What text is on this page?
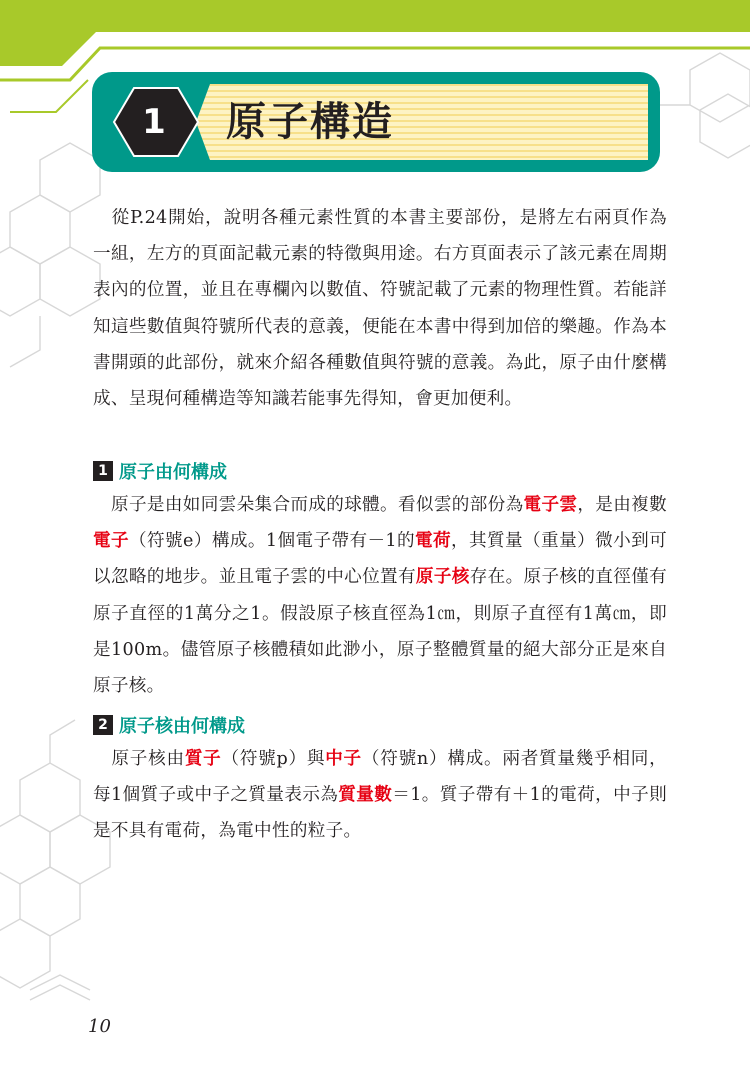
1	原子構造

從P.24開始，說明各種元素性質的本書主要部份，是將左右兩頁作為一組，左方的頁面記載元素的特徵與用途。右方頁面表示了該元素在周期表內的位置，並且在專欄內以數值、符號記載了元素的物理性質。若能詳知這些數值與符號所代表的意義，便能在本書中得到加倍的樂趣。作為本書開頭的此部份，就來介紹各種數值與符號的意義。為此，原子由什麼構成、呈現何種構造等知識若能事先得知，會更加便利。

1 原子由何構成

原子是由如同雲朵集合而成的球體。看似雲的部份為電子雲，是由複數電子（符號e）構成。1個電子帶有－1的電荷，其質量（重量）微小到可以忽略的地步。並且電子雲的中心位置有原子核存在。原子核的直徑僅有原子直徑的1萬分之1。假設原子核直徑為1㎝，則原子直徑有1萬㎝，即是100m。儘管原子核體積如此渺小，原子整體質量的絕大部分正是來自原子核。

2 原子核由何構成

原子核由質子（符號p）與中子（符號n）構成。兩者質量幾乎相同，每1個質子或中子之質量表示為質量數＝1。質子帶有＋1的電荷，中子則是不具有電荷，為電中性的粒子。

10
